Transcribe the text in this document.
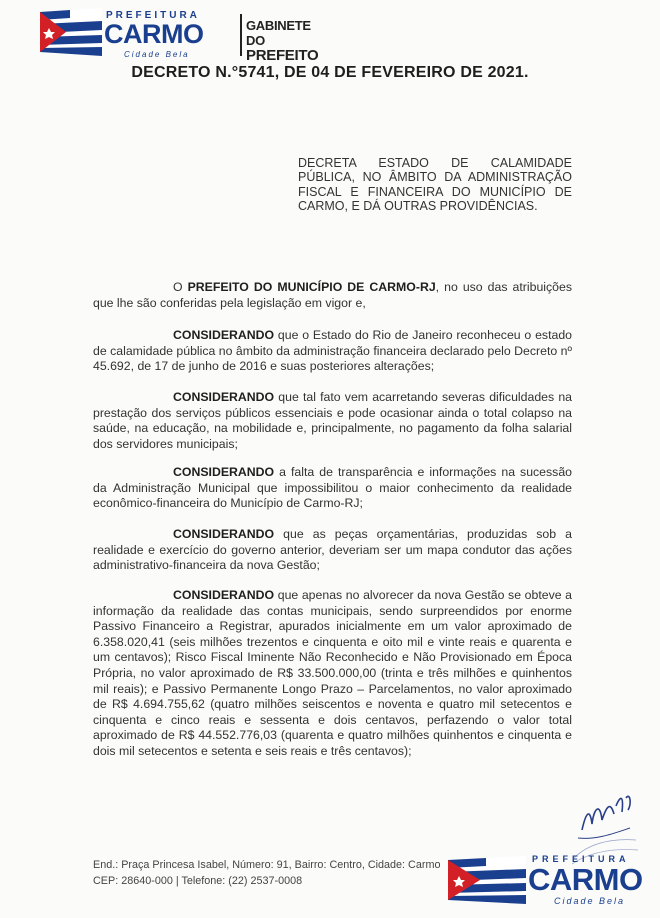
PREFEITURA
CARMO
Cidade Bela
GABINETE DO
PREFEITO
DECRETO N.°5741, DE 04 DE FEVEREIRO DE 2021.
DECRETA ESTADO DE CALAMIDADE PÚBLICA, NO ÂMBITO DA ADMINISTRAÇÃO FISCAL E FINANCEIRA DO MUNICÍPIO DE CARMO, E DÁ OUTRAS PROVIDÊNCIAS.

O PREFEITO DO MUNICÍPIO DE CARMO-RJ, no uso das atribuições que lhe são conferidas pela legislação em vigor e,

CONSIDERANDO que o Estado do Rio de Janeiro reconheceu o estado de calamidade pública no âmbito da administração financeira declarado pelo Decreto nº 45.692, de 17 de junho de 2016 e suas posteriores alterações;

CONSIDERANDO que tal fato vem acarretando severas dificuldades na prestação dos serviços públicos essenciais e pode ocasionar ainda o total colapso na saúde, na educação, na mobilidade e, principalmente, no pagamento da folha salarial dos servidores municipais;

CONSIDERANDO a falta de transparência e informações na sucessão da Administração Municipal que impossibilitou o maior conhecimento da realidade econômico-financeira do Município de Carmo-RJ;

CONSIDERANDO que as peças orçamentárias, produzidas sob a realidade e exercício do governo anterior, deveriam ser um mapa condutor das ações administrativo-financeira da nova Gestão;

CONSIDERANDO que apenas no alvorecer da nova Gestão se obteve a informação da realidade das contas municipais, sendo surpreendidos por enorme Passivo Financeiro a Registrar, apurados inicialmente em um valor aproximado de 6.358.020,41 (seis milhões trezentos e cinquenta e oito mil e vinte reais e quarenta e um centavos); Risco Fiscal Iminente Não Reconhecido e Não Provisionado em Época Própria, no valor aproximado de R$ 33.500.000,00 (trinta e três milhões e quinhentos mil reais); e Passivo Permanente Longo Prazo – Parcelamentos, no valor aproximado de R$ 4.694.755,62 (quatro milhões seiscentos e noventa e quatro mil setecentos e cinquenta e cinco reais e sessenta e dois centavos, perfazendo o valor total aproximado de R$ 44.552.776,03 (quarenta e quatro milhões quinhentos e cinquenta e dois mil setecentos e setenta e seis reais e três centavos);

End.: Praça Princesa Isabel, Número: 91, Bairro: Centro, Cidade: Carmo
CEP: 28640-000 | Telefone: (22) 2537-0008
PREFEITURA
CARMO
Cidade Bela
